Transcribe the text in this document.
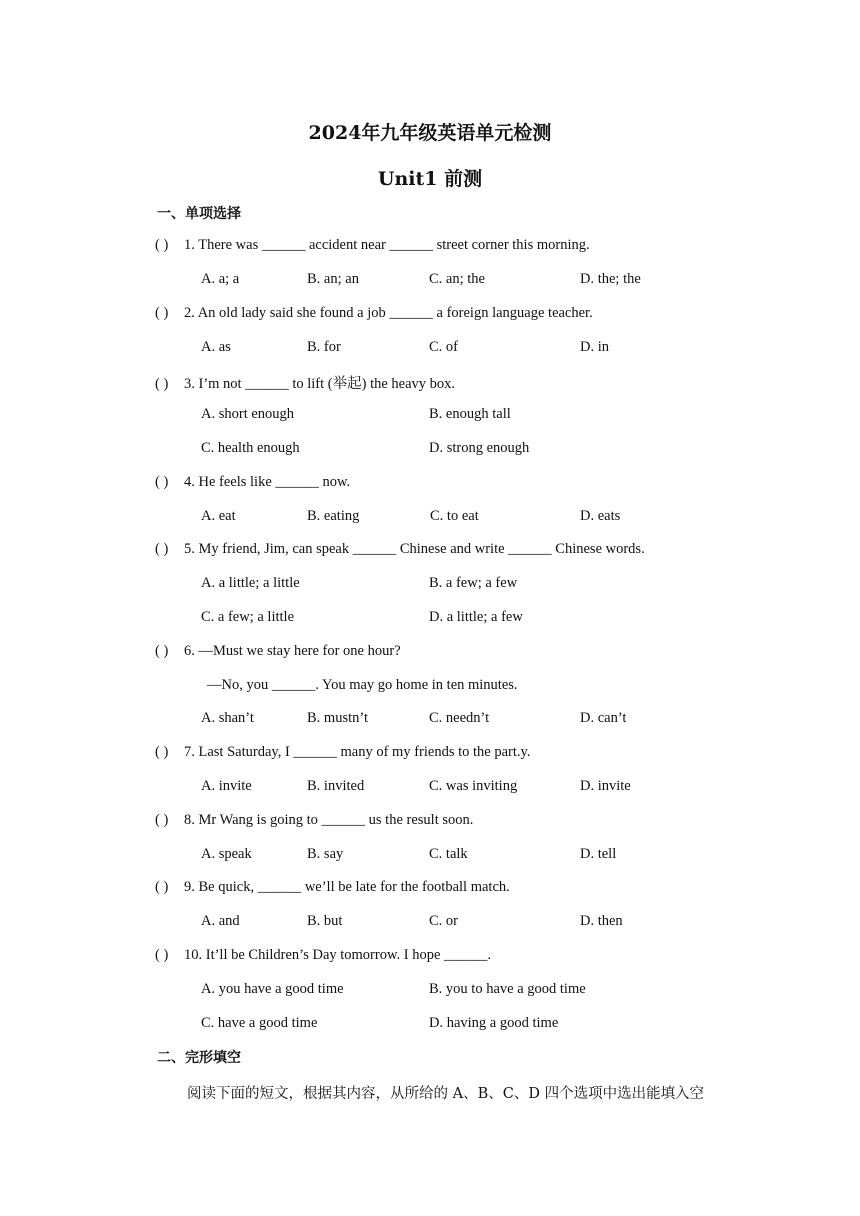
2024年九年级英语单元检测
Unit1 前测
一、单项选择
( ) 1. There was ______ accident near ______ street corner this morning.
A. a; a	B. an; an	C. an; the	D. the; the
( ) 2. An old lady said she found a job ______ a foreign language teacher.
A. as	B. for	C. of	D. in
( ) 3. I’m not ______ to lift (举起) the heavy box.
A. short enough	B. enough tall
C. health enough	D. strong enough
( ) 4. He feels like ______ now.
A. eat	B. eating	C. to eat	D. eats
( ) 5. My friend, Jim, can speak ______ Chinese and write ______ Chinese words.
A. a little; a little	B. a few; a few
C. a few; a little	D. a little; a few
( ) 6. —Must we stay here for one hour?
—No, you ______. You may go home in ten minutes.
A. shan’t	B. mustn’t	C. needn’t	D. can’t
( ) 7. Last Saturday, I ______ many of my friends to the part.y.
A. invite	B. invited	C. was inviting	D. invite
( ) 8. Mr Wang is going to ______ us the result soon.
A. speak	B. say	C. talk	D. tell
( ) 9. Be quick, ______ we’ll be late for the football match.
A. and	B. but	C. or	D. then
( ) 10. It’ll be Children’s Day tomorrow. I hope ______.
A. you have a good time	B. you to have a good time
C. have a good time	D. having a good time
二、完形填空
阅读下面的短文，根据其内容，从所给的 A、B、C、D 四个选项中选出能填入空
